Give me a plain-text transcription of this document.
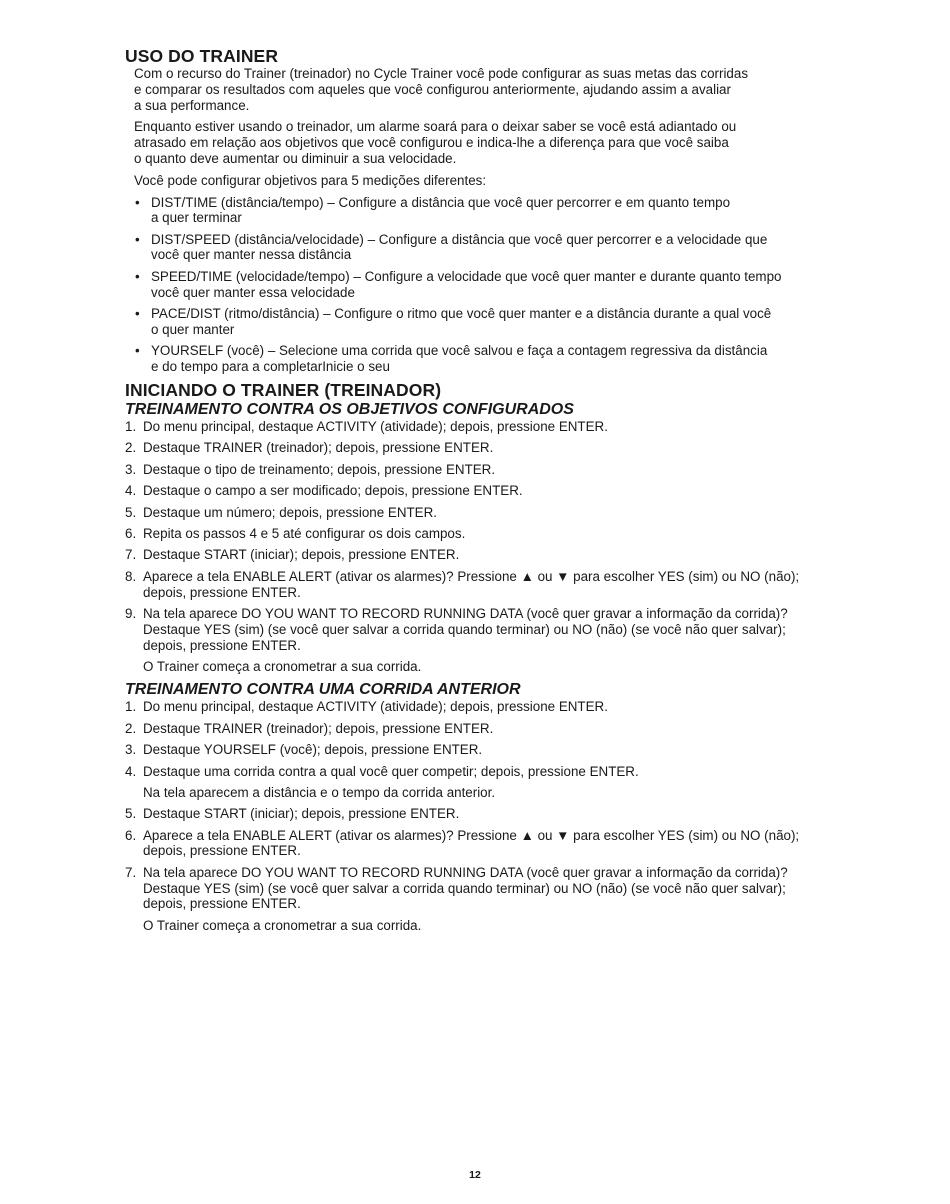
USO DO TRAINER

Com o recurso do Trainer (treinador) no Cycle Trainer você pode configurar as suas metas das corridas
e comparar os resultados com aqueles que você configurou anteriormente, ajudando assim a avaliar
a sua performance.

Enquanto estiver usando o treinador, um alarme soará para o deixar saber se você está adiantado ou
atrasado em relação aos objetivos que você configurou e indica-lhe a diferença para que você saiba
o quanto deve aumentar ou diminuir a sua velocidade.

Você pode configurar objetivos para 5 medições diferentes:

• DIST/TIME (distância/tempo) – Configure a distância que você quer percorrer e em quanto tempo
a quer terminar
• DIST/SPEED (distância/velocidade) – Configure a distância que você quer percorrer e a velocidade que
você quer manter nessa distância
• SPEED/TIME (velocidade/tempo) – Configure a velocidade que você quer manter e durante quanto tempo
você quer manter essa velocidade
• PACE/DIST (ritmo/distância) – Configure o ritmo que você quer manter e a distância durante a qual você
o quer manter
• YOURSELF (você) – Selecione uma corrida que você salvou e faça a contagem regressiva da distância
e do tempo para a completarInicie o seu
INICIANDO O TRAINER (TREINADOR)
TREINAMENTO CONTRA OS OBJETIVOS CONFIGURADOS
1. Do menu principal, destaque ACTIVITY (atividade); depois, pressione ENTER.
2. Destaque TRAINER (treinador); depois, pressione ENTER.
3. Destaque o tipo de treinamento; depois, pressione ENTER.
4. Destaque o campo a ser modificado; depois, pressione ENTER.
5. Destaque um número; depois, pressione ENTER.
6. Repita os passos 4 e 5 até configurar os dois campos.
7. Destaque START (iniciar); depois, pressione ENTER.
8. Aparece a tela ENABLE ALERT (ativar os alarmes)? Pressione ▲ ou ▼ para escolher YES (sim) ou NO (não);
depois, pressione ENTER.
9. Na tela aparece DO YOU WANT TO RECORD RUNNING DATA (você quer gravar a informação da corrida)?
Destaque YES (sim) (se você quer salvar a corrida quando terminar) ou NO (não) (se você não quer salvar);
depois, pressione ENTER.

O Trainer começa a cronometrar a sua corrida.

TREINAMENTO CONTRA UMA CORRIDA ANTERIOR
1. Do menu principal, destaque ACTIVITY (atividade); depois, pressione ENTER.
2. Destaque TRAINER (treinador); depois, pressione ENTER.
3. Destaque YOURSELF (você); depois, pressione ENTER.
4. Destaque uma corrida contra a qual você quer competir; depois, pressione ENTER.

Na tela aparecem a distância e o tempo da corrida anterior.

5. Destaque START (iniciar); depois, pressione ENTER.
6. Aparece a tela ENABLE ALERT (ativar os alarmes)? Pressione ▲ ou ▼ para escolher YES (sim) ou NO (não);
depois, pressione ENTER.
7. Na tela aparece DO YOU WANT TO RECORD RUNNING DATA (você quer gravar a informação da corrida)?
Destaque YES (sim) (se você quer salvar a corrida quando terminar) ou NO (não) (se você não quer salvar);
depois, pressione ENTER.

O Trainer começa a cronometrar a sua corrida.

12
